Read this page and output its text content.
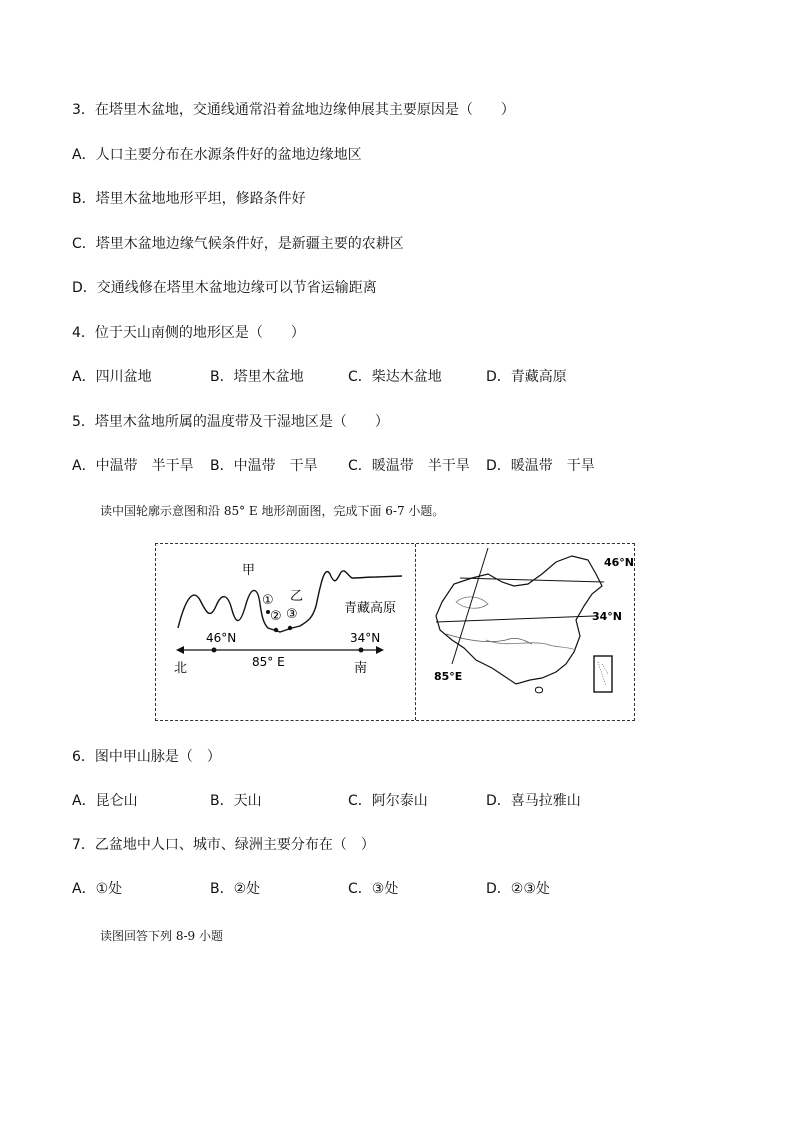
3．在塔里木盆地，交通线通常沿着盆地边缘伸展其主要原因是（　　）
A．人口主要分布在水源条件好的盆地边缘地区
B．塔里木盆地地形平坦，修路条件好
C．塔里木盆地边缘气候条件好，是新疆主要的农耕区
D．交通线修在塔里木盆地边缘可以节省运输距离
4．位于天山南侧的地形区是（　　）
A．四川盆地	B．塔里木盆地	C．柴达木盆地	D．青藏高原
5．塔里木盆地所属的温度带及干湿地区是（　　）
A．中温带　半干旱 B．中温带　干旱 C．暖温带　半干旱 D．暖温带　干旱
读中国轮廓示意图和沿 85° E 地形剖面图，完成下面 6-7 小题。
甲
乙
①
② ③	青藏高原
46°N	34°N
85° E
北	南
46°N
34°N
85°E
6．图中甲山脉是（　）
A．昆仑山	B．天山	C．阿尔泰山	D．喜马拉雅山
7．乙盆地中人口、城市、绿洲主要分布在（　）
A．①处	B．②处	C．③处	D．②③处
读图回答下列 8-9 小题
